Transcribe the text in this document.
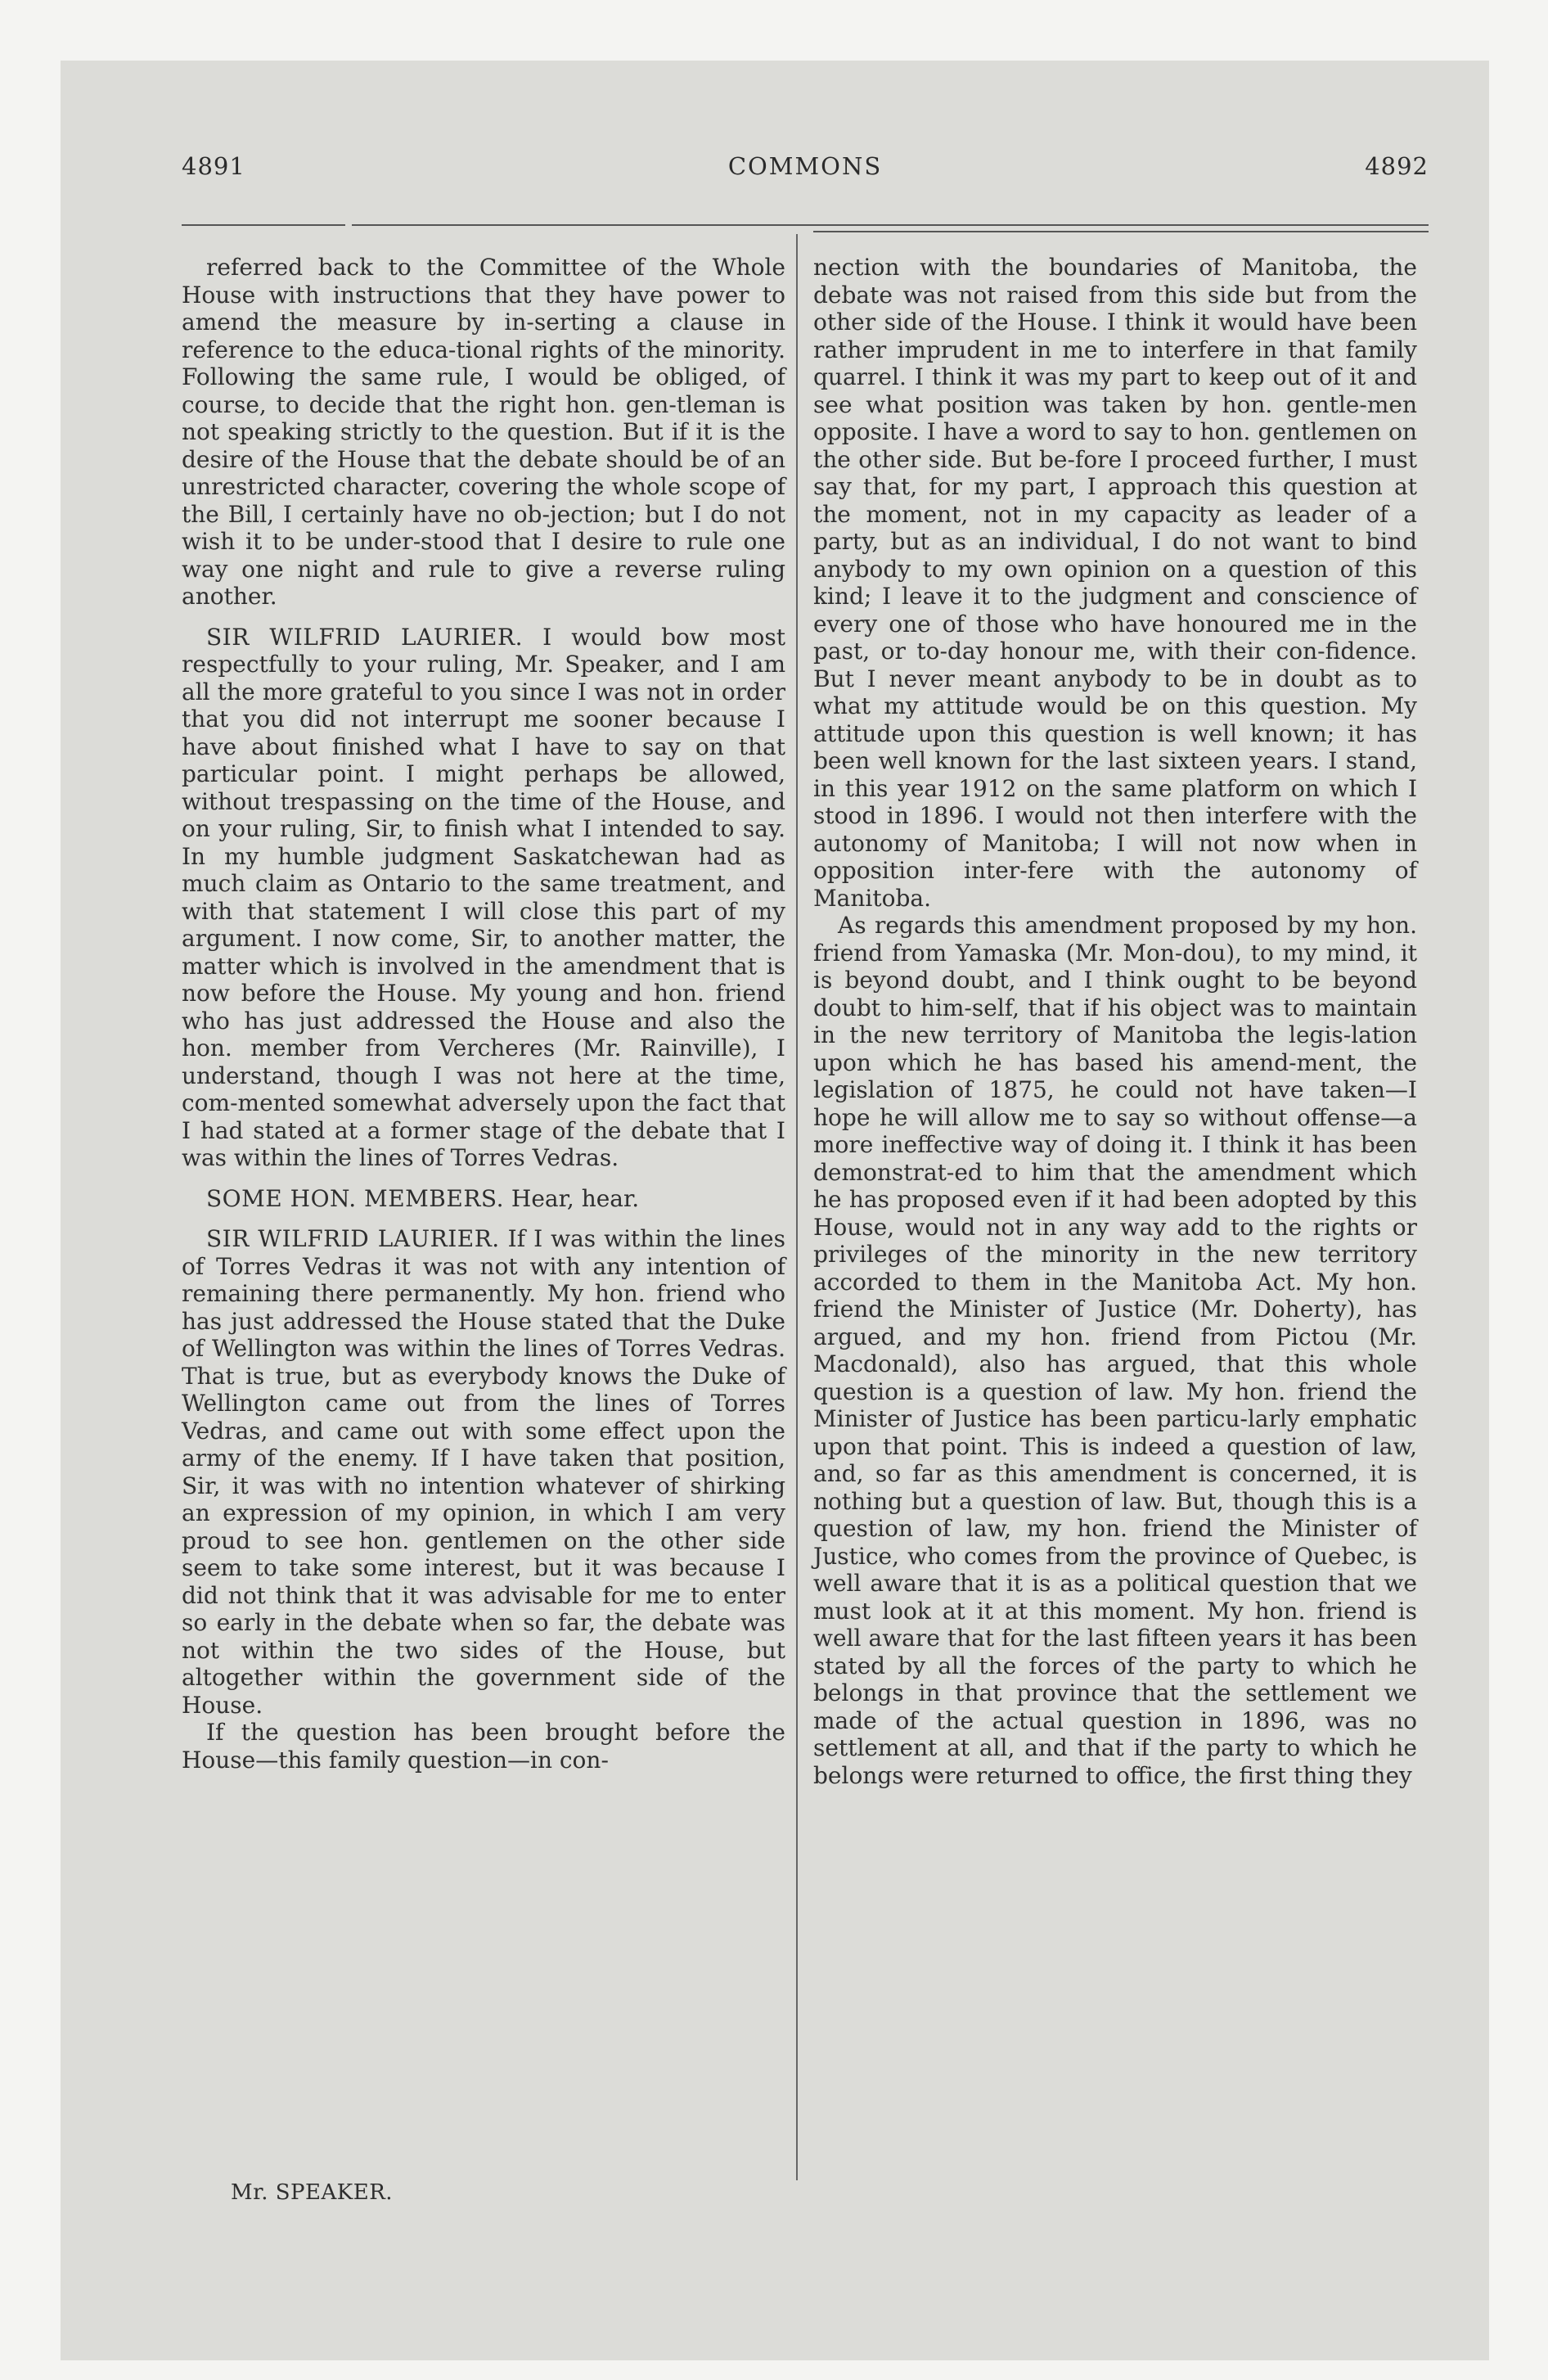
4891	COMMONS	4892

referred back to the Committee of the Whole House with instructions that they have power to amend the measure by in-serting a clause in reference to the educa-tional rights of the minority. Following the same rule, I would be obliged, of course, to decide that the right hon. gen-tleman is not speaking strictly to the question. But if it is the desire of the House that the debate should be of an unrestricted character, covering the whole scope of the Bill, I certainly have no ob-jection; but I do not wish it to be under-stood that I desire to rule one way one night and rule to give a reverse ruling another.

SIR WILFRID LAURIER. I would bow most respectfully to your ruling, Mr. Speaker, and I am all the more grateful to you since I was not in order that you did not interrupt me sooner because I have about finished what I have to say on that particular point. I might perhaps be allowed, without trespassing on the time of the House, and on your ruling, Sir, to finish what I intended to say. In my humble judgment Saskatchewan had as much claim as Ontario to the same treatment, and with that statement I will close this part of my argument. I now come, Sir, to another matter, the matter which is involved in the amendment that is now before the House. My young and hon. friend who has just addressed the House and also the hon. member from Vercheres (Mr. Rainville), I understand, though I was not here at the time, com-mented somewhat adversely upon the fact that I had stated at a former stage of the debate that I was within the lines of Torres Vedras.

SOME HON. MEMBERS. Hear, hear.

SIR WILFRID LAURIER. If I was within the lines of Torres Vedras it was not with any intention of remaining there permanently. My hon. friend who has just addressed the House stated that the Duke of Wellington was within the lines of Torres Vedras. That is true, but as everybody knows the Duke of Wellington came out from the lines of Torres Vedras, and came out with some effect upon the army of the enemy. If I have taken that position, Sir, it was with no intention whatever of shirking an expression of my opinion, in which I am very proud to see hon. gentlemen on the other side seem to take some interest, but it was because I did not think that it was advisable for me to enter so early in the debate when so far, the debate was not within the two sides of the House, but altogether within the government side of the House.

If the question has been brought before the House—this family question—in con-

nection with the boundaries of Manitoba, the debate was not raised from this side but from the other side of the House. I think it would have been rather imprudent in me to interfere in that family quarrel. I think it was my part to keep out of it and see what position was taken by hon. gentle-men opposite. I have a word to say to hon. gentlemen on the other side. But be-fore I proceed further, I must say that, for my part, I approach this question at the moment, not in my capacity as leader of a party, but as an individual, I do not want to bind anybody to my own opinion on a question of this kind; I leave it to the judgment and conscience of every one of those who have honoured me in the past, or to-day honour me, with their con-fidence. But I never meant anybody to be in doubt as to what my attitude would be on this question. My attitude upon this question is well known; it has been well known for the last sixteen years. I stand, in this year 1912 on the same platform on which I stood in 1896. I would not then interfere with the autonomy of Manitoba; I will not now when in opposition inter-fere with the autonomy of Manitoba.

As regards this amendment proposed by my hon. friend from Yamaska (Mr. Mon-dou), to my mind, it is beyond doubt, and I think ought to be beyond doubt to him-self, that if his object was to maintain in the new territory of Manitoba the legis-lation upon which he has based his amend-ment, the legislation of 1875, he could not have taken—I hope he will allow me to say so without offense—a more ineffective way of doing it. I think it has been demonstrat-ed to him that the amendment which he has proposed even if it had been adopted by this House, would not in any way add to the rights or privileges of the minority in the new territory accorded to them in the Manitoba Act. My hon. friend the Minister of Justice (Mr. Doherty), has argued, and my hon. friend from Pictou (Mr. Macdonald), also has argued, that this whole question is a question of law. My hon. friend the Minister of Justice has been particu-larly emphatic upon that point. This is indeed a question of law, and, so far as this amendment is concerned, it is nothing but a question of law. But, though this is a question of law, my hon. friend the Minister of Justice, who comes from the province of Quebec, is well aware that it is as a political question that we must look at it at this moment. My hon. friend is well aware that for the last fifteen years it has been stated by all the forces of the party to which he belongs in that province that the settlement we made of the actual question in 1896, was no settlement at all, and that if the party to which he belongs were returned to office, the first thing they

Mr. SPEAKER.
